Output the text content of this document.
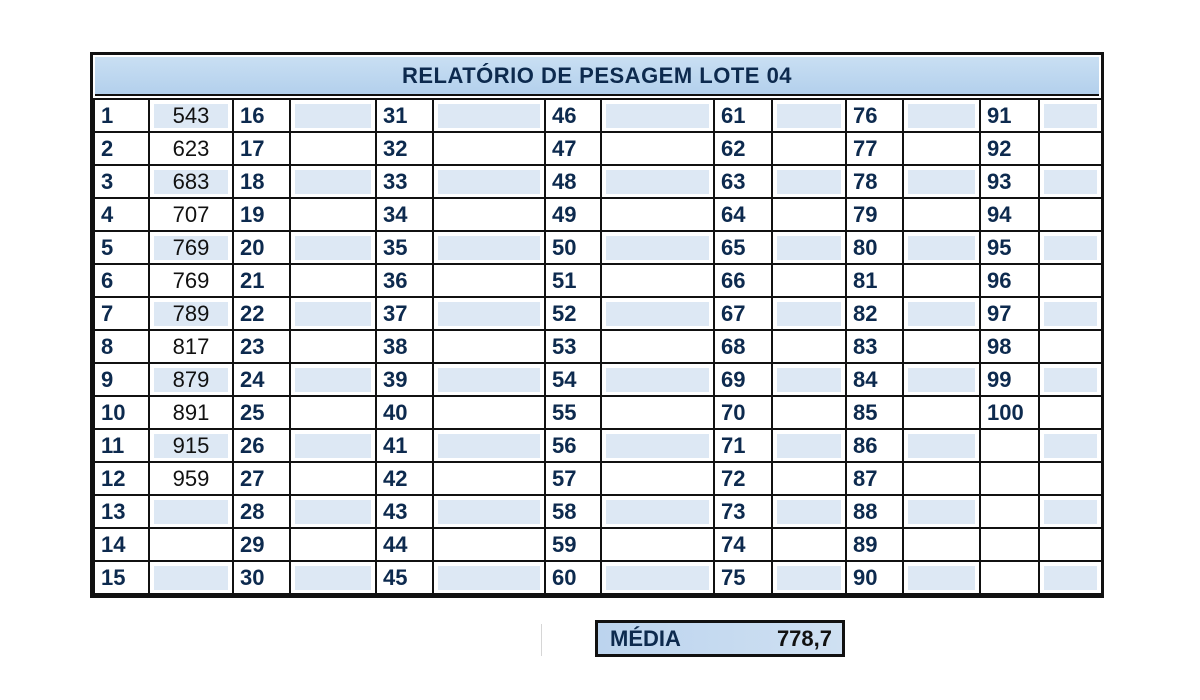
RELATÓRIO DE PESAGEM LOTE 04
1	543	16		31		46		61		76		91	

2	623	17		32		47		62		77		92	

3	683	18		33		48		63		78		93	

4	707	19		34		49		64		79		94	

5	769	20		35		50		65		80		95	

6	769	21		36		51		66		81		96	

7	789	22		37		52		67		82		97	

8	817	23		38		53		68		83		98	

9	879	24		39		54		69		84		99	

10	891	25		40		55		70		85		100	

11	915	26		41		56		71		86	

12	959	27		42		57		72		87	

13		28		43		58		73		88	

14		29		44		59		74		89	

15		30		45		60		75		90	

MÉDIA	778,7
